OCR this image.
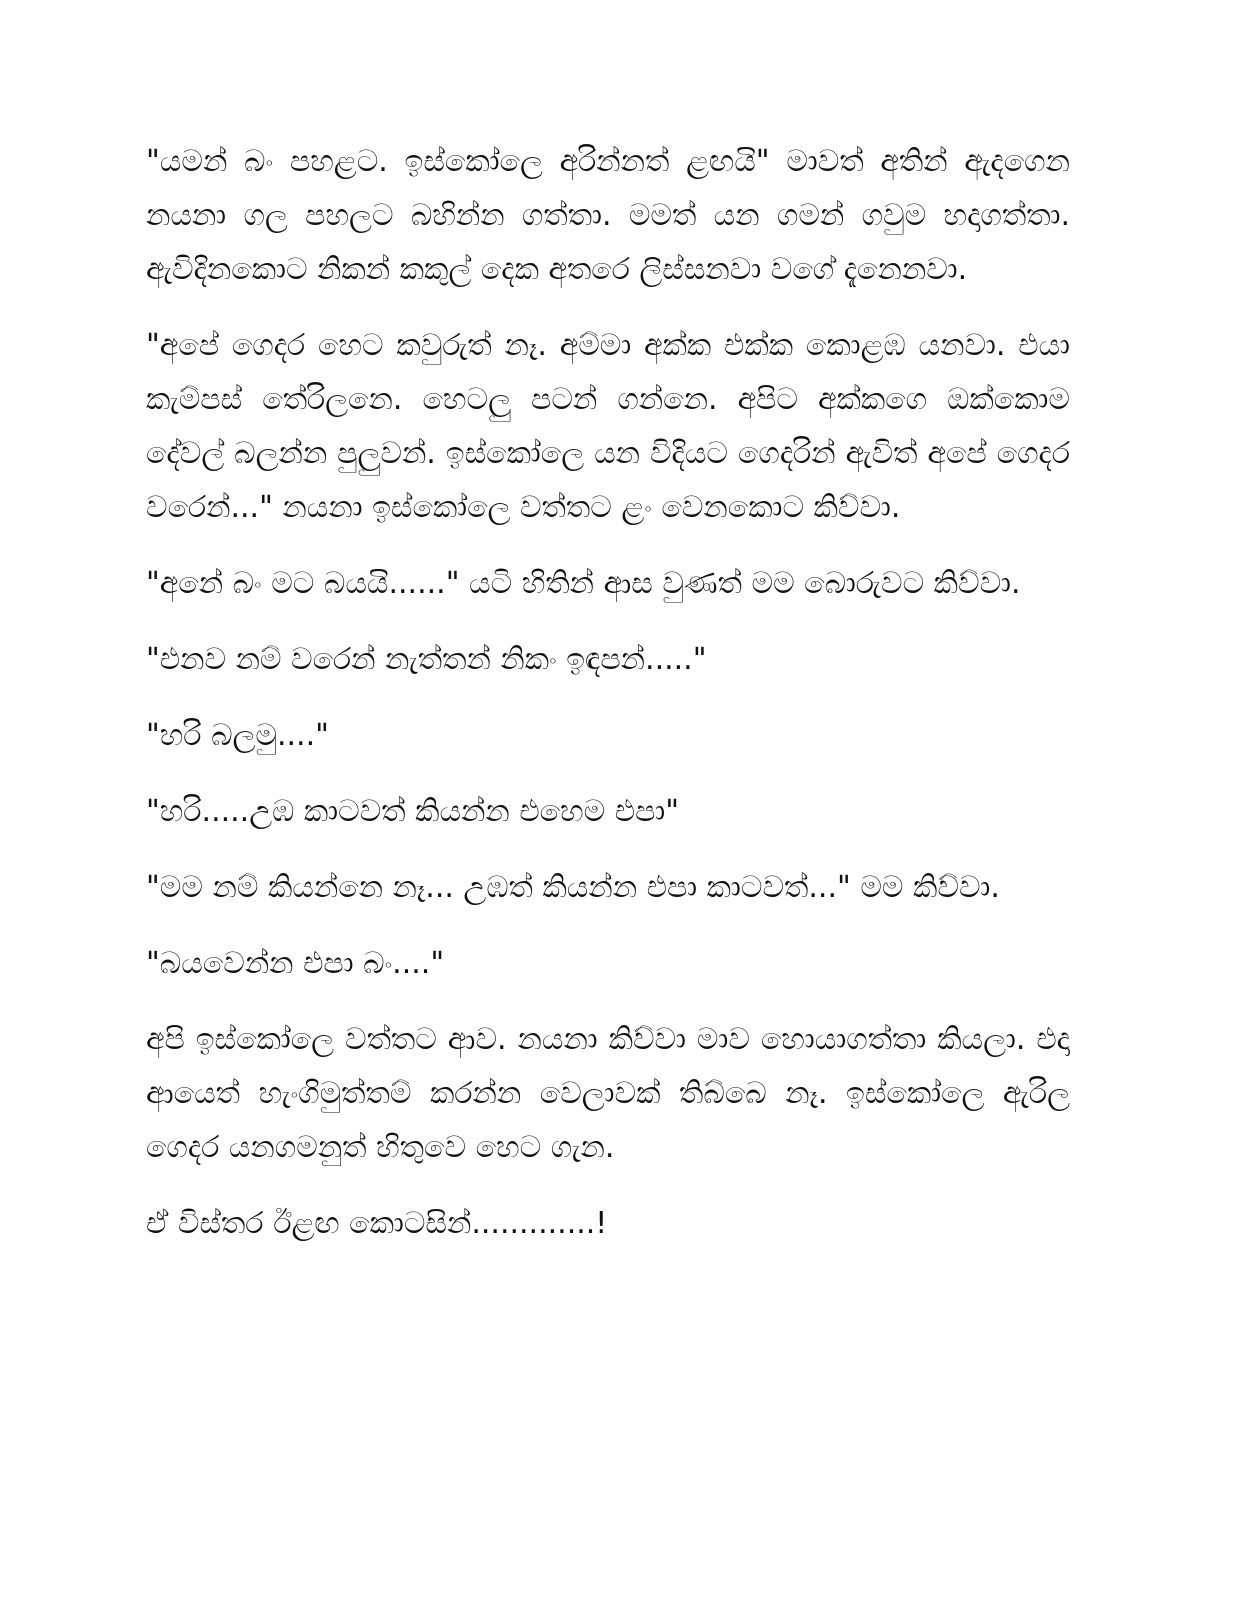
"යමන් බං පහළට. ඉස්කෝලෙ අරින්නත් ළඟයි" මාවත් අතින් ඇදගෙන නයනා ගල පහලට බහින්න ගත්තා. මමත් යන ගමන් ගවුම හදාගත්තා. ඇවිදිනකොට නිකන් කකුල් දෙක අතරෙ ලිස්සනවා වගේ දැනෙනවා.

"අපේ ගෙදර හෙට කවුරුත් නෑ. අම්මා අක්ක එක්ක කොළඹ යනවා. එයා කැම්පස් තේරිලනෙ. හෙටලු පටන් ගන්නෙ. අපිට අක්කගෙ ඔක්කොම දේවල් බලන්න පුලුවන්. ඉස්කෝලෙ යන විදියට ගෙදරින් ඇවිත් අපේ ගෙදර වරෙන්..." නයනා ඉස්කෝලෙ වත්තට ළං වෙනකොට කිව්වා.

"අනේ බං මට බයයි......" යටි හිතින් ආස වුණත් මම බොරුවට කිව්වා.

"එනව නම් වරෙන් නැත්තන් නිකං ඉඳපන්....."

"හරි බලමු...."

"හරි.....උඹ කාටවත් කියන්න එහෙම එපා"

"මම නම් කියන්නෙ නෑ... උඹත් කියන්න එපා කාටවත්..." මම කිව්වා.

"බයවෙන්න එපා බං...."

අපි ඉස්කෝලෙ වත්තට ආව. නයනා කිව්වා මාව හොයාගත්තා කියලා. එදා ආයෙත් හැංගිමුත්තම් කරන්න වෙලාවක් තිබ්බෙ නෑ. ඉස්කෝලෙ ඇරිල ගෙදර යනගමනුත් හිතුවෙ හෙට ගැන.

ඒ විස්තර ඊළඟ කොටසින්.............!
